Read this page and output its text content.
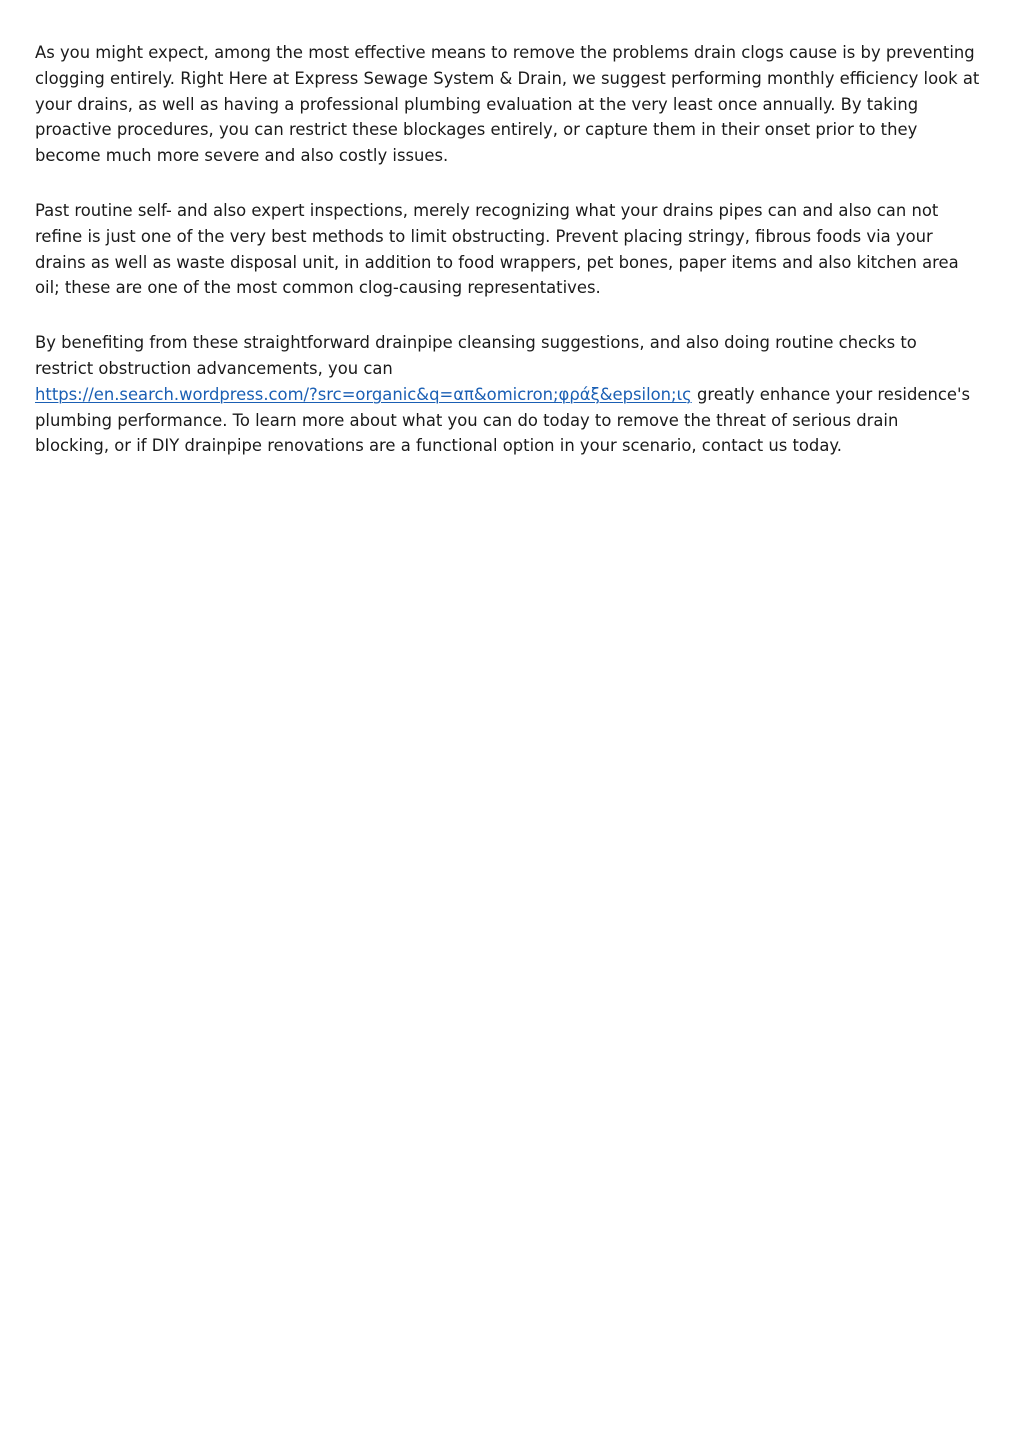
As you might expect, among the most effective means to remove the problems drain clogs cause is by preventing
clogging entirely. Right Here at Express Sewage System & Drain, we suggest performing monthly efficiency look at
your drains, as well as having a professional plumbing evaluation at the very least once annually. By taking
proactive procedures, you can restrict these blockages entirely, or capture them in their onset prior to they
become much more severe and also costly issues.

Past routine self- and also expert inspections, merely recognizing what your drains pipes can and also can not
refine is just one of the very best methods to limit obstructing. Prevent placing stringy, fibrous foods via your
drains as well as waste disposal unit, in addition to food wrappers, pet bones, paper items and also kitchen area
oil; these are one of the most common clog-causing representatives.

By benefiting from these straightforward drainpipe cleansing suggestions, and also doing routine checks to
restrict obstruction advancements, you can
https://en.search.wordpress.com/?src=organic&q=απ&omicron;φράξ&epsilon;ις greatly enhance your residence's
plumbing performance. To learn more about what you can do today to remove the threat of serious drain
blocking, or if DIY drainpipe renovations are a functional option in your scenario, contact us today.
